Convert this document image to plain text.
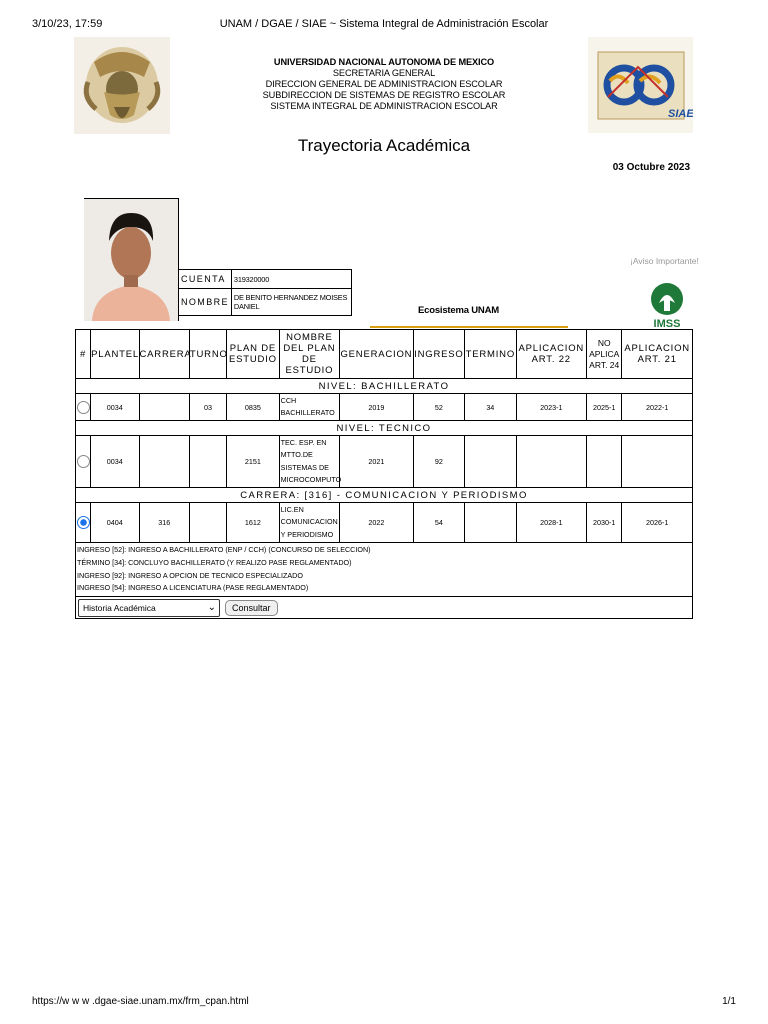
3/10/23, 17:59	UNAM / DGAE / SIAE ~ Sistema Integral de Administración Escolar
UNIVERSIDAD NACIONAL AUTONOMA DE MEXICO
SECRETARIA GENERAL
DIRECCION GENERAL DE ADMINISTRACION ESCOLAR
SUBDIRECCION DE SISTEMAS DE REGISTRO ESCOLAR
SISTEMA INTEGRAL DE ADMINISTRACION ESCOLAR
SIAE
Trayectoria Académica
03 Octubre 2023
CUENTA	319320000
NOMBRE	DE BENITO HERNANDEZ MOISES DANIEL
¡Aviso Importante!
IMSS
Ecosistema UNAM
#	PLANTEL	CARRERA	TURNO	PLAN DE ESTUDIO	NOMBRE DEL PLAN DE ESTUDIO	GENERACION	INGRESO	TERMINO	APLICACION ART. 22	NO APLICA ART. 24	APLICACION ART. 21
NIVEL: BACHILLERATO											
	0034		03	0835	CCH BACHILLERATO	2019	52	34	2023-1	2025-1	2022-1
NIVEL: TECNICO											
	0034			2151	TEC. ESP. EN MTTO.DE SISTEMAS DE MICROCOMPUTO	2021	92				
CARRERA: [316] - COMUNICACION Y PERIODISMO											
	0404	316		1612	LIC.EN COMUNICACION Y PERIODISMO	2022	54		2028-1	2030-1	2026-1

INGRESO [52]: INGRESO A BACHILLERATO (ENP / CCH) (CONCURSO DE SELECCION)
TÉRMINO [34]: CONCLUYO BACHILLERATO (Y REALIZO PASE REGLAMENTADO)
INGRESO [92]: INGRESO A OPCION DE TECNICO ESPECIALIZADO
INGRESO [54]: INGRESO A LICENCIATURA (PASE REGLAMENTADO)											

Historia Académica
⌄ Consultar
https://w w w .dgae-siae.unam.mx/frm_cpan.html	1/1
